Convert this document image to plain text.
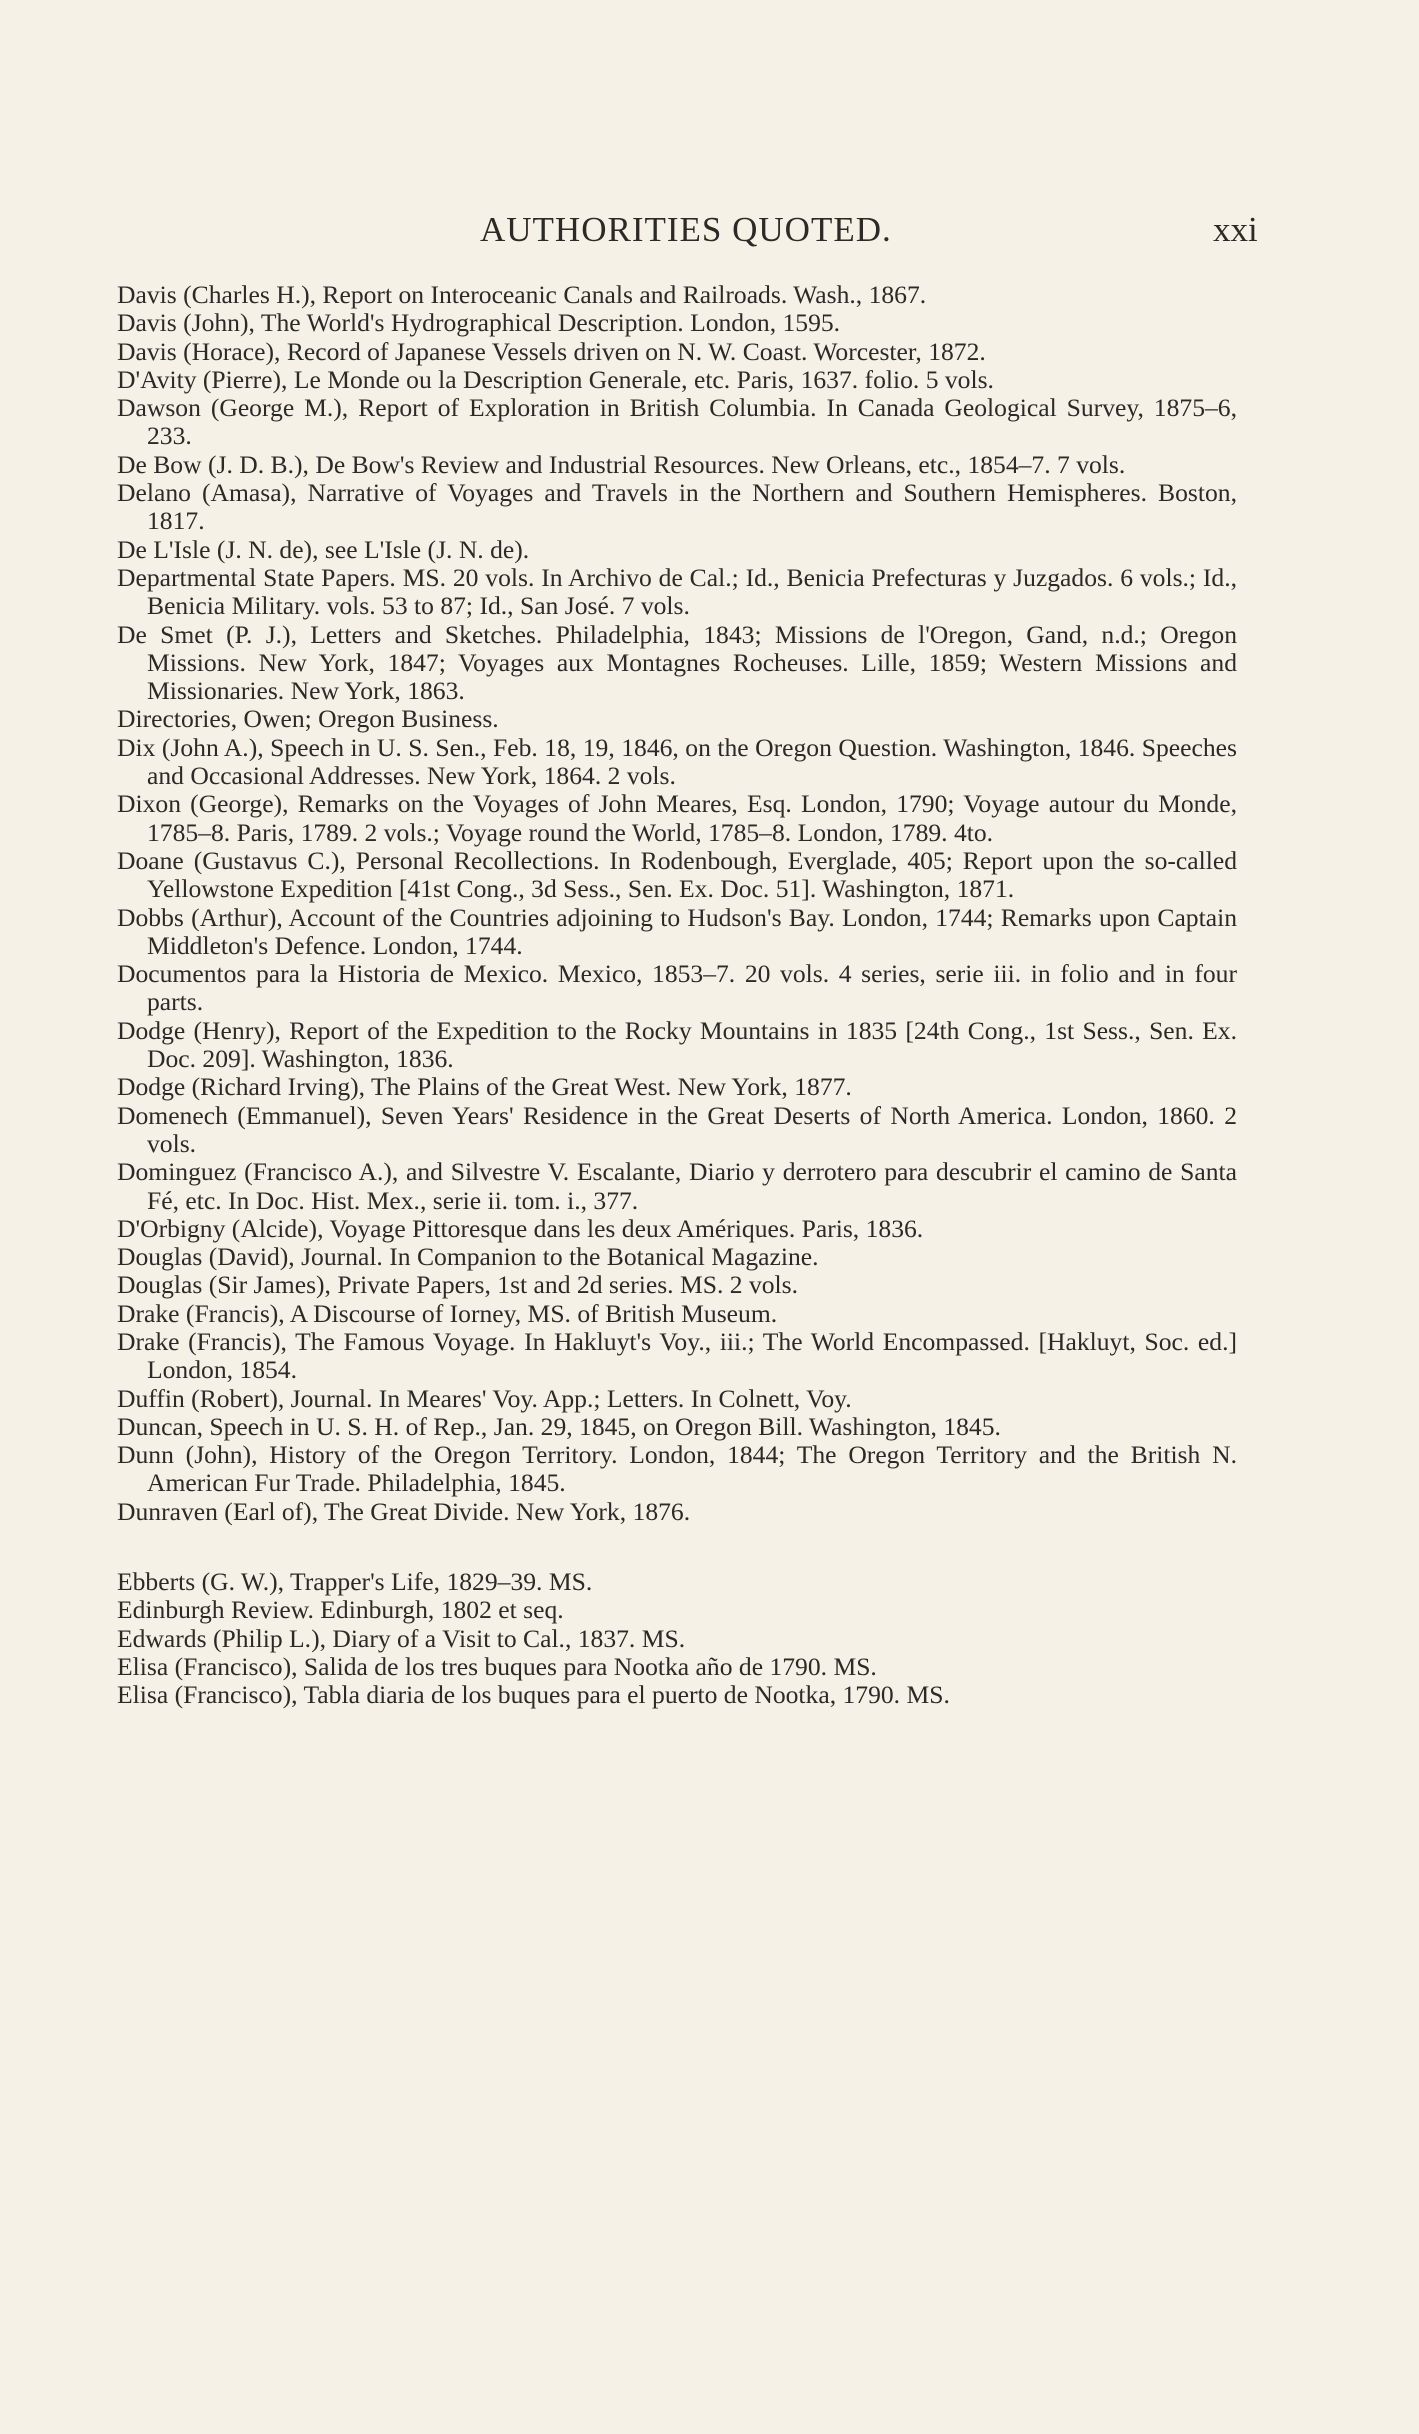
AUTHORITIES QUOTED.	xxi
Davis (Charles H.), Report on Interoceanic Canals and Railroads. Wash., 1867.
Davis (John), The World's Hydrographical Description. London, 1595.
Davis (Horace), Record of Japanese Vessels driven on N. W. Coast. Worcester, 1872.
D'Avity (Pierre), Le Monde ou la Description Generale, etc. Paris, 1637. folio. 5 vols.
Dawson (George M.), Report of Exploration in British Columbia. In Canada Geological Survey, 1875–6, 233.
De Bow (J. D. B.), De Bow's Review and Industrial Resources. New Orleans, etc., 1854–7. 7 vols.
Delano (Amasa), Narrative of Voyages and Travels in the Northern and Southern Hemispheres. Boston, 1817.
De L'Isle (J. N. de), see L'Isle (J. N. de).
Departmental State Papers. MS. 20 vols. In Archivo de Cal.; Id., Benicia Prefecturas y Juzgados. 6 vols.; Id., Benicia Military. vols. 53 to 87; Id., San José. 7 vols.
De Smet (P. J.), Letters and Sketches. Philadelphia, 1843; Missions de l'Oregon, Gand, n.d.; Oregon Missions. New York, 1847; Voyages aux Montagnes Rocheuses. Lille, 1859; Western Missions and Missionaries. New York, 1863.
Directories, Owen; Oregon Business.
Dix (John A.), Speech in U. S. Sen., Feb. 18, 19, 1846, on the Oregon Question. Washington, 1846. Speeches and Occasional Addresses. New York, 1864. 2 vols.
Dixon (George), Remarks on the Voyages of John Meares, Esq. London, 1790; Voyage autour du Monde, 1785–8. Paris, 1789. 2 vols.; Voyage round the World, 1785–8. London, 1789. 4to.
Doane (Gustavus C.), Personal Recollections. In Rodenbough, Everglade, 405; Report upon the so-called Yellowstone Expedition [41st Cong., 3d Sess., Sen. Ex. Doc. 51]. Washington, 1871.
Dobbs (Arthur), Account of the Countries adjoining to Hudson's Bay. London, 1744; Remarks upon Captain Middleton's Defence. London, 1744.
Documentos para la Historia de Mexico. Mexico, 1853–7. 20 vols. 4 series, serie iii. in folio and in four parts.
Dodge (Henry), Report of the Expedition to the Rocky Mountains in 1835 [24th Cong., 1st Sess., Sen. Ex. Doc. 209]. Washington, 1836.
Dodge (Richard Irving), The Plains of the Great West. New York, 1877.
Domenech (Emmanuel), Seven Years' Residence in the Great Deserts of North America. London, 1860. 2 vols.
Dominguez (Francisco A.), and Silvestre V. Escalante, Diario y derrotero para descubrir el camino de Santa Fé, etc. In Doc. Hist. Mex., serie ii. tom. i., 377.
D'Orbigny (Alcide), Voyage Pittoresque dans les deux Amériques. Paris, 1836.
Douglas (David), Journal. In Companion to the Botanical Magazine.
Douglas (Sir James), Private Papers, 1st and 2d series. MS. 2 vols.
Drake (Francis), A Discourse of Iorney, MS. of British Museum.
Drake (Francis), The Famous Voyage. In Hakluyt's Voy., iii.; The World Encompassed. [Hakluyt, Soc. ed.] London, 1854.
Duffin (Robert), Journal. In Meares' Voy. App.; Letters. In Colnett, Voy.
Duncan, Speech in U. S. H. of Rep., Jan. 29, 1845, on Oregon Bill. Washington, 1845.
Dunn (John), History of the Oregon Territory. London, 1844; The Oregon Territory and the British N. American Fur Trade. Philadelphia, 1845.
Dunraven (Earl of), The Great Divide. New York, 1876.
Ebberts (G. W.), Trapper's Life, 1829–39. MS.
Edinburgh Review. Edinburgh, 1802 et seq.
Edwards (Philip L.), Diary of a Visit to Cal., 1837. MS.
Elisa (Francisco), Salida de los tres buques para Nootka año de 1790. MS.
Elisa (Francisco), Tabla diaria de los buques para el puerto de Nootka, 1790. MS.
